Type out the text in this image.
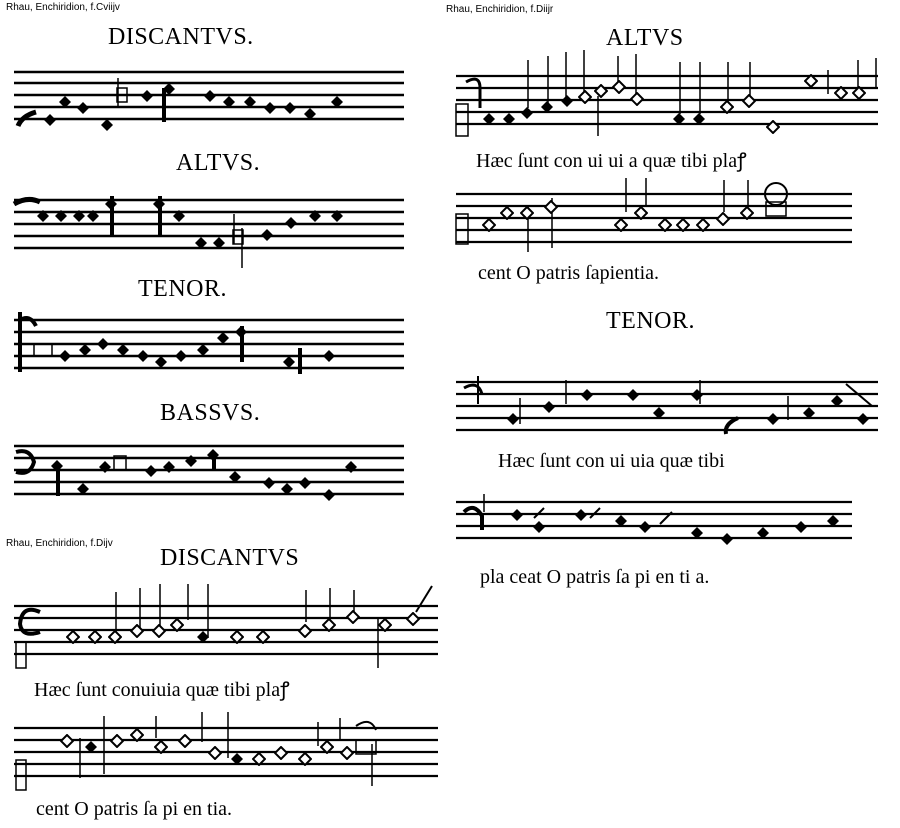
Rhau, Enchiridion, f.Cviijv	Rhau, Enchiridion, f.Diijr
Rhau, Enchiridion, f.Dijv
DISCANTVS.
ALTVS.
TENOR.
BASSVS.
ALTVS
TENOR.
DISCANTVS
Hæc ſunt con ui ui a quæ tibi plaꝭ
cent O patris ſapientia.
Hæc ſunt con ui uia quæ tibi
pla ceat O patris ſa pi en ti a.
Hæc ſunt conuiuia quæ tibi plaꝭ
cent O patris ſa pi en tia.
